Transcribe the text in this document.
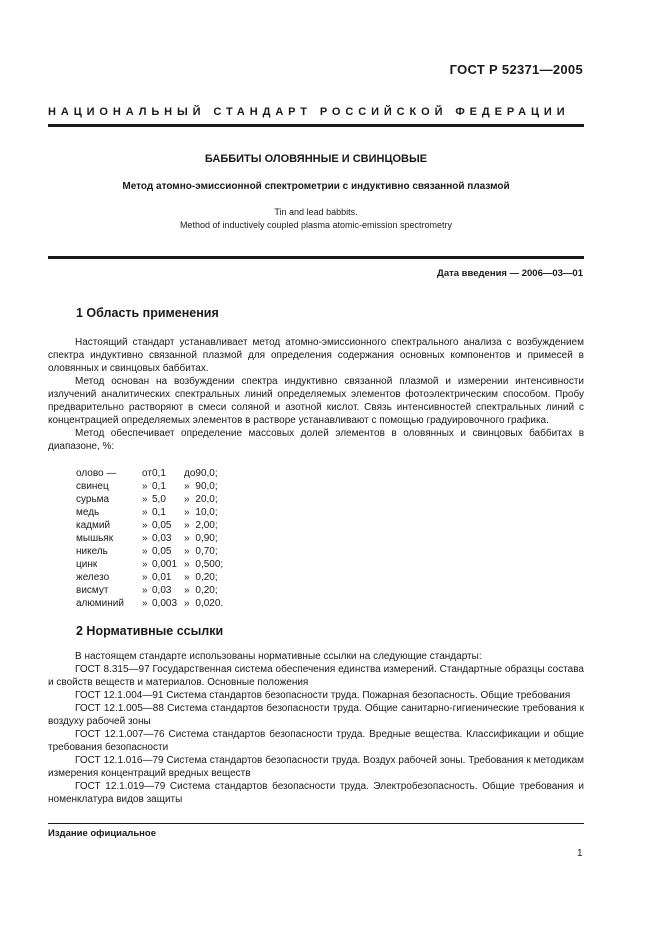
ГОСТ Р 52371—2005
НАЦИОНАЛЬНЫЙ СТАНДАРТ РОССИЙСКОЙ ФЕДЕРАЦИИ
БАББИТЫ ОЛОВЯННЫЕ И СВИНЦОВЫЕ
Метод атомно-эмиссионной спектрометрии с индуктивно связанной плазмой
Tin and lead babbits.
Method of inductively coupled plasma atomic-emission spectrometry
Дата введения — 2006—03—01
1 Область применения

Настоящий стандарт устанавливает метод атомно-эмиссионного спектрального анализа с возбуждением спектра индуктивно связанной плазмой для определения содержания основных компонентов и примесей в оловянных и свинцовых баббитах.

Метод основан на возбуждении спектра индуктивно связанной плазмой и измерении интенсивности излучений аналитических спектральных линий определяемых элементов фотоэлектрическим способом. Пробу предварительно растворяют в смеси соляной и азотной кислот. Связь интенсивностей спектральных линий с концентрацией определяемых элементов в растворе устанавливают с помощью градуировочного графика.

Метод обеспечивает определение массовых долей элементов в оловянных и свинцовых баббитах в диапазоне, %:

олово —	от	0,1	до	90,0;
свинец	»	0,1	»	90,0;
сурьма	»	5,0	»	20,0;
медь	»	0,1	»	10,0;
кадмий	»	0,05	»	2,00;
мышьяк	»	0,03	»	0,90;
никель	»	0,05	»	0,70;
цинк	»	0,001	»	0,500;
железо	»	0,01	»	0,20;
висмут	»	0,03	»	0,20;
алюминий	»	0,003	»	0,020.
2 Нормативные ссылки

В настоящем стандарте использованы нормативные ссылки на следующие стандарты:

ГОСТ 8.315—97 Государственная система обеспечения единства измерений. Стандартные образцы состава и свойств веществ и материалов. Основные положения

ГОСТ 12.1.004—91 Система стандартов безопасности труда. Пожарная безопасность. Общие требования

ГОСТ 12.1.005—88 Система стандартов безопасности труда. Общие санитарно-гигиенические требования к воздуху рабочей зоны

ГОСТ 12.1.007—76 Система стандартов безопасности труда. Вредные вещества. Классификации и общие требования безопасности

ГОСТ 12.1.016—79 Система стандартов безопасности труда. Воздух рабочей зоны. Требования к методикам измерения концентраций вредных веществ

ГОСТ 12.1.019—79 Система стандартов безопасности труда. Электробезопасность. Общие требования и номенклатура видов защиты

Издание официальное
1
